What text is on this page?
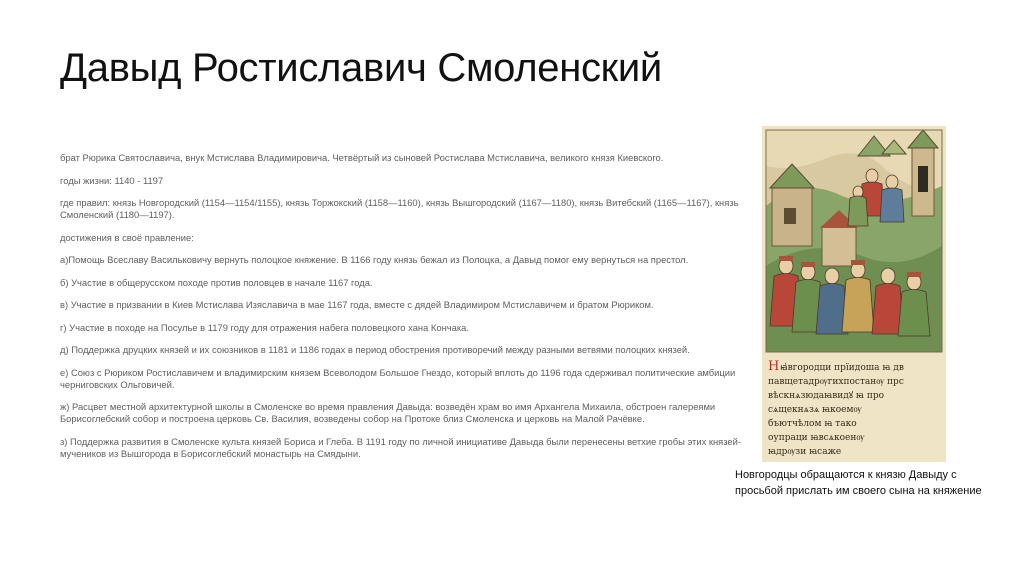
Давыд Ростиславич Смоленский

брат Рюрика Святославича, внук Мстислава Владимировича. Четвёртый из сыновей Ростислава Мстиславича, великого князя Киевского.

годы жизни: 1140 - 1197

где правил: князь Новгородский (1154—1154/1155), князь Торжокский (1158—1160), князь Вышгородский (1167—1180), князь Витебский (1165—1167), князь Смоленский (1180—1197).

достижения в своё правление:

а)Помощь Всеславу Васильковичу вернуть полоцкое княжение. В 1166 году князь бежал из Полоцка, а Давыд помог ему вернуться на престол.

б) Участие в общерусском походе против половцев в начале 1167 года.

в) Участие в призвании в Киев Мстислава Изяславича в мае 1167 года, вместе с дядей Владимиром Мстиславичем и братом Рюриком.

г) Участие в походе на Посулье в 1179 году для отражения набега половецкого хана Кончака.

д) Поддержка друцких князей и их союзников в 1181 и 1186 годах в период обострения противоречий между разными ветвями полоцких князей.

е) Союз с Рюриком Ростиславичем и владимирским князем Всеволодом Большое Гнездо, который вплоть до 1196 года сдерживал политические амбиции черниговских Ольговичей.

ж) Расцвет местной архитектурной школы в Смоленске во время правления Давыда: возведён храм во имя Архангела Михаила, обстроен галереями Борисоглебский собор и построена церковь Св. Василия, возведены собор на Протоке близ Смоленска и церковь на Малой Рачёвке.

з) Поддержка развития в Смоленске культа князей Бориса и Глеба. В 1191 году по личной инициативе Давыда были перенесены ветхие гробы этих князей-мучеников из Вышгорода в Борисоглебский монастырь на Смядыни.

Н ꙗ҆вгородци прїидоша ꙗ дв
павщетадрѹгихпостанѹ прс
вѣскнѧзюдаꙗвидꙋ ꙗ про
сѧщекнѧзѧ ꙗкоемѹ
бъютчѣлом ꙗ тако
оупраци ꙗвсѧкоенѹ
ꙗдрѹзи ꙗсаже
Новгородцы обращаются к князю Давыду с просьбой прислать им своего сына на княжение
